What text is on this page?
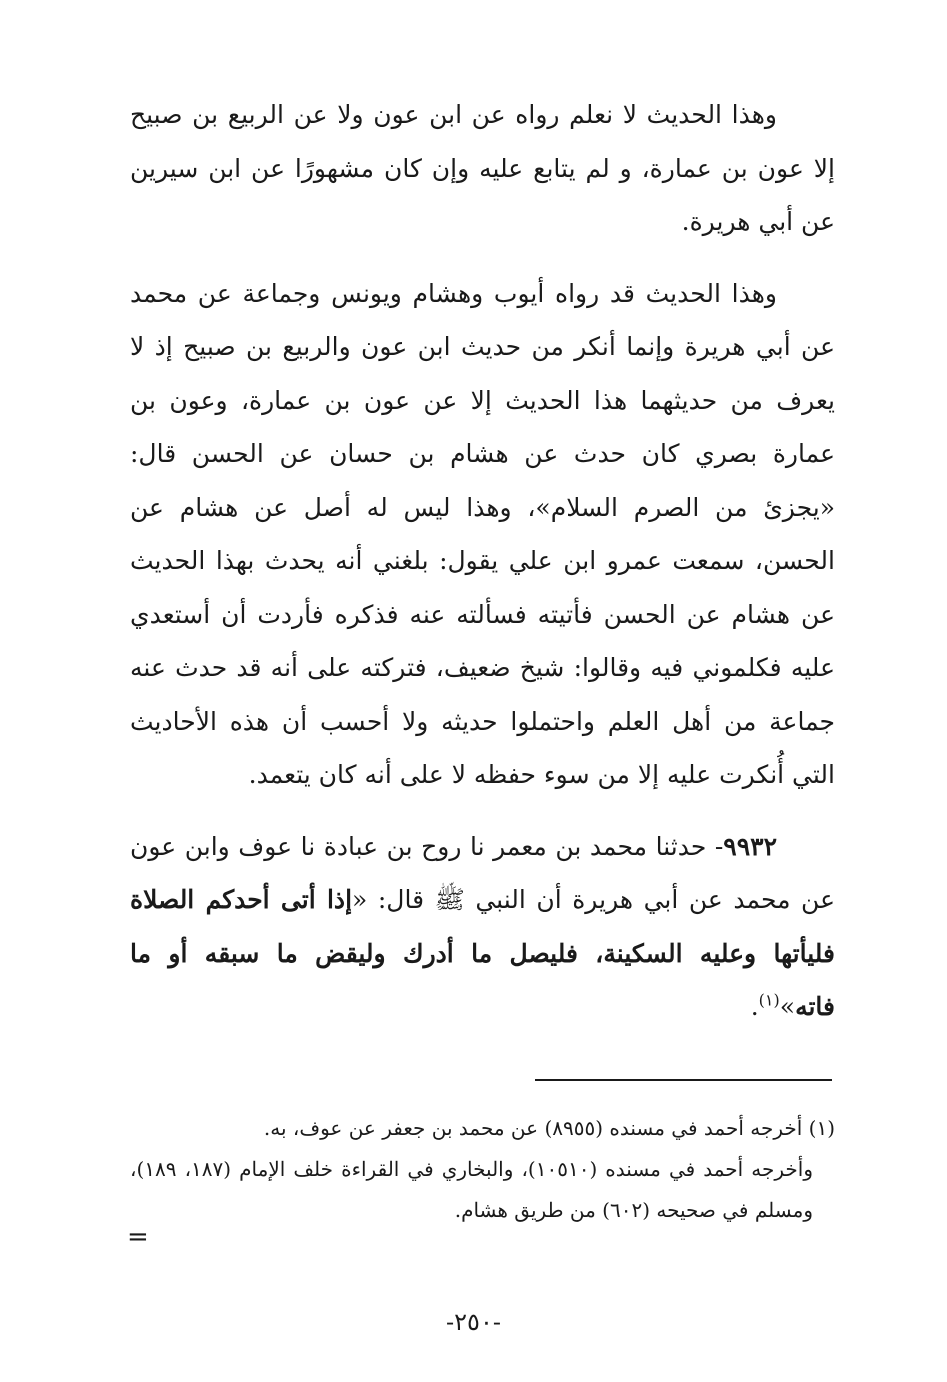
وهذا الحديث لا نعلم رواه عن ابن عون ولا عن الربيع بن صبيح إلا عون بن عمارة، و لم يتابع عليه وإن كان مشهورًا عن ابن سيرين عن أبي هريرة.

وهذا الحديث قد رواه أيوب وهشام ويونس وجماعة عن محمد عن أبي هريرة وإنما أنكر من حديث ابن عون والربيع بن صبيح إذ لا يعرف من حديثهما هذا الحديث إلا عن عون بن عمارة، وعون بن عمارة بصري كان حدث عن هشام بن حسان عن الحسن قال: «يجزئ من الصرم السلام»، وهذا ليس له أصل عن هشام عن الحسن، سمعت عمرو ابن علي يقول: بلغني أنه يحدث بهذا الحديث عن هشام عن الحسن فأتيته فسألته عنه فذكره فأردت أن أستعدي عليه فكلموني فيه وقالوا: شيخ ضعيف، فتركته على أنه قد حدث عنه جماعة من أهل العلم واحتملوا حديثه ولا أحسب أن هذه الأحاديث التي أُنكرت عليه إلا من سوء حفظه لا على أنه كان يتعمد.

٩٩٣٢- حدثنا محمد بن معمر نا روح بن عبادة نا عوف وابن عون عن محمد عن أبي هريرة أن النبي ﷺ قال: «إذا أتى أحدكم الصلاة فليأتها وعليه السكينة، فليصل ما أدرك وليقض ما سبقه أو ما فاته»$^{(١)}$.

(١) أخرجه أحمد في مسنده (٨٩٥٥) عن محمد بن جعفر عن عوف، به.

وأخرجه أحمد في مسنده (١٠٥١٠)، والبخاري في القراءة خلف الإمام (١٨٧، ١٨٩)، ومسلم في صحيحه (٦٠٢) من طريق هشام.

=
-٢٥٠-
